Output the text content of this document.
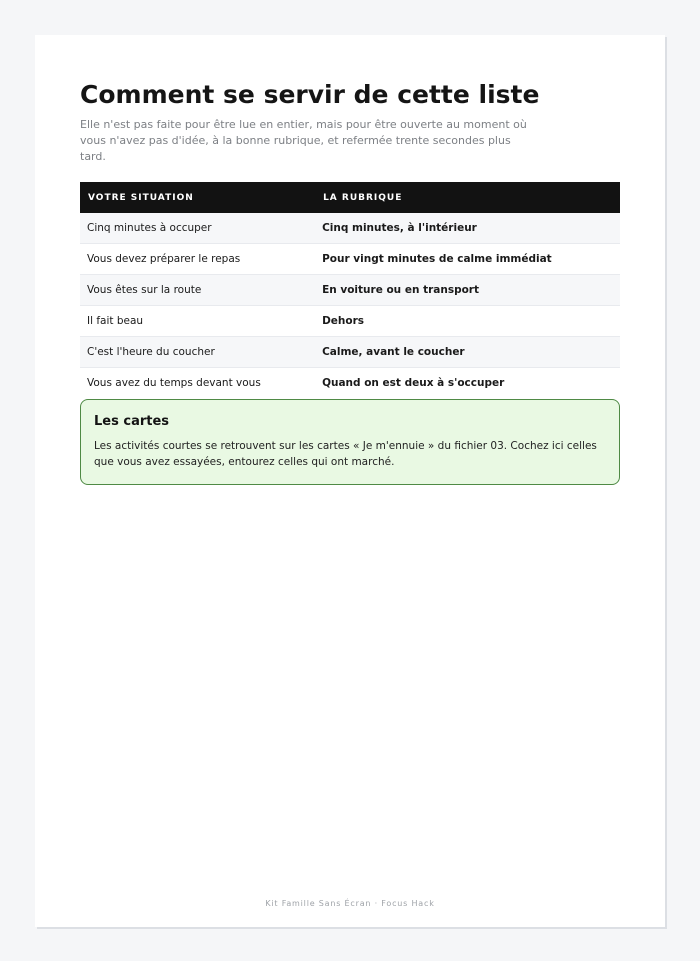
Comment se servir de cette liste

Elle n'est pas faite pour être lue en entier, mais pour être ouverte au moment où vous n'avez pas d'idée, à la bonne rubrique, et refermée trente secondes plus tard.

VOTRE SITUATION	LA RUBRIQUE
Cinq minutes à occuper	Cinq minutes, à l'intérieur
Vous devez préparer le repas	Pour vingt minutes de calme immédiat
Vous êtes sur la route	En voiture ou en transport
Il fait beau	Dehors
C'est l'heure du coucher	Calme, avant le coucher
Vous avez du temps devant vous	Quand on est deux à s'occuper
Les cartes

Les activités courtes se retrouvent sur les cartes « Je m'ennuie » du fichier 03. Cochez ici celles que vous avez essayées, entourez celles qui ont marché.

Kit Famille Sans Écran · Focus Hack
